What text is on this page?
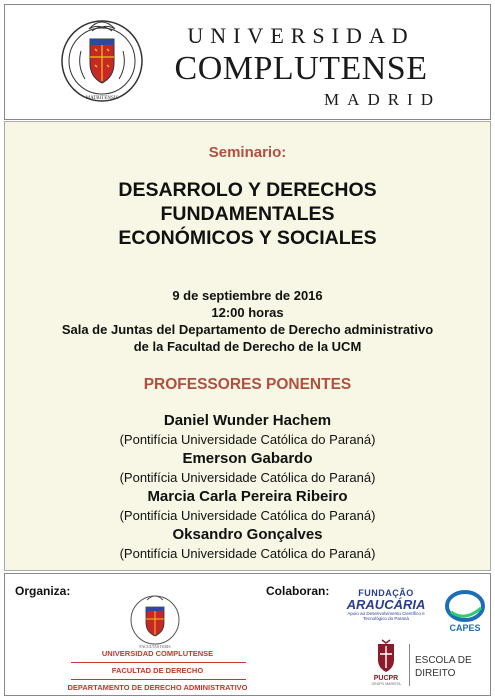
MATRITENSIS
UNIVERSIDAD
COMPLUTENSE
MADRID
Seminario:
DESARROLO Y DERECHOS
FUNDAMENTALES
ECONÓMICOS Y SOCIALES
9 de septiembre de 2016
12:00 horas
Sala de Juntas del Departamento de Derecho administrativo
de la Facultad de Derecho de la UCM
PROFESSORES PONENTES
Daniel Wunder Hachem
(Pontifícia Universidade Católica do Paraná)
Emerson Gabardo
(Pontifícia Universidade Católica do Paraná)
Marcia Carla Pereira Ribeiro
(Pontifícia Universidade Católica do Paraná)
Oksandro Gonçalves
(Pontifícia Universidade Católica do Paraná)
Organiza:	Colaboran:
FACULTAS IURIS
UNIVERSIDAD COMPLUTENSE
FACULTAD DE DERECHO
DEPARTAMENTO DE DERECHO ADMINISTRATIVO
FUNDAÇÃO
ARAUCÁRIA
Apoio ao Desenvolvimento Científico e Tecnológico do Paraná
CAPES
PUCPR
GRUPO MARISTA
ESCOLA DE
DIREITO
